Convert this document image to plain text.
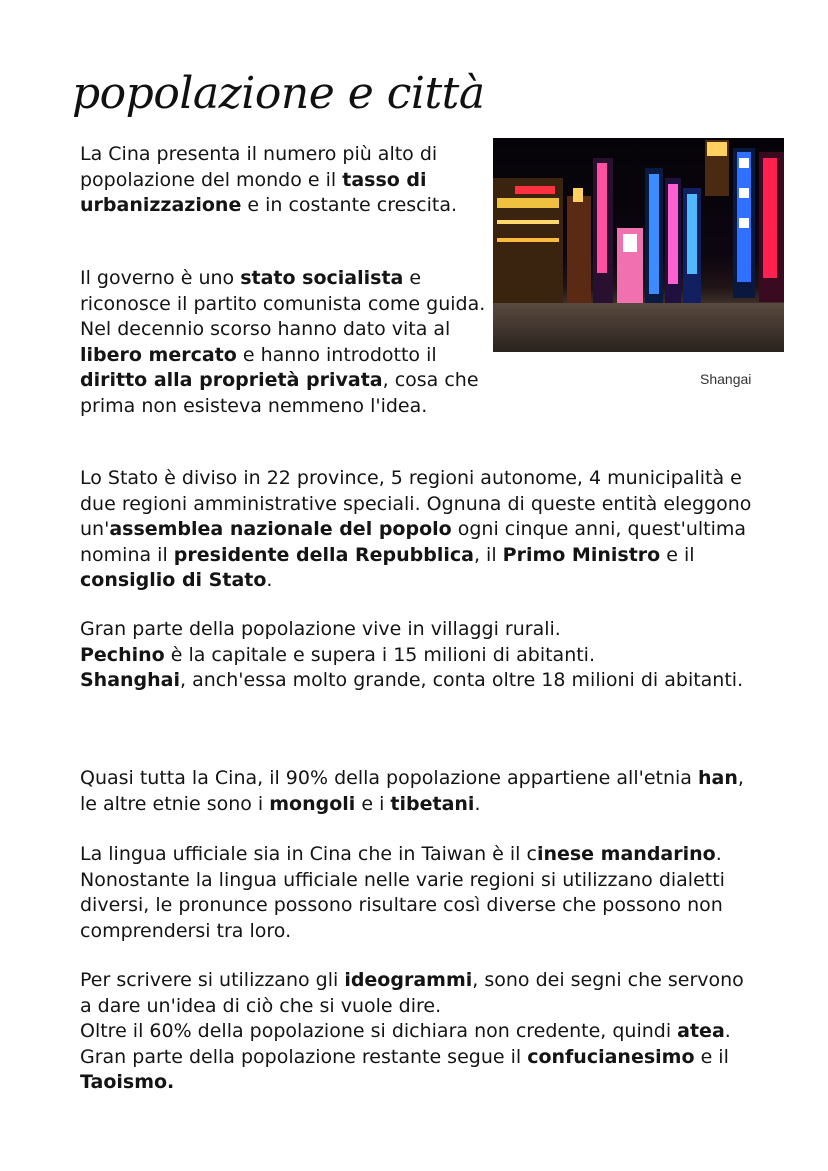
popolazione e città

Shangai

La Cina presenta il numero più alto di popolazione del mondo e il tasso di urbanizzazione e in costante crescita.

Il governo è uno stato socialista e riconosce il partito comunista come guida. Nel decennio scorso hanno dato vita al libero mercato e hanno introdotto il diritto alla proprietà privata, cosa che prima non esisteva nemmeno l'idea.

Lo Stato è diviso in 22 province, 5 regioni autonome, 4 municipalità e due regioni amministrative speciali. Ognuna di queste entità eleggono un'assemblea nazionale del popolo ogni cinque anni, quest'ultima nomina il presidente della Repubblica, il Primo Ministro e il consiglio di Stato.

Gran parte della popolazione vive in villaggi rurali.
Pechino è la capitale e supera i 15 milioni di abitanti.
Shanghai, anch'essa molto grande, conta oltre 18 milioni di abitanti.

Quasi tutta la Cina, il 90% della popolazione appartiene all'etnia han, le altre etnie sono i mongoli e i tibetani.

La lingua ufficiale sia in Cina che in Taiwan è il cinese mandarino. Nonostante la lingua ufficiale nelle varie regioni si utilizzano dialetti diversi, le pronunce possono risultare così diverse che possono non comprendersi tra loro.

Per scrivere si utilizzano gli ideogrammi, sono dei segni che servono a dare un'idea di ciò che si vuole dire.
Oltre il 60% della popolazione si dichiara non credente, quindi atea. Gran parte della popolazione restante segue il confucianesimo e il Taoismo.
